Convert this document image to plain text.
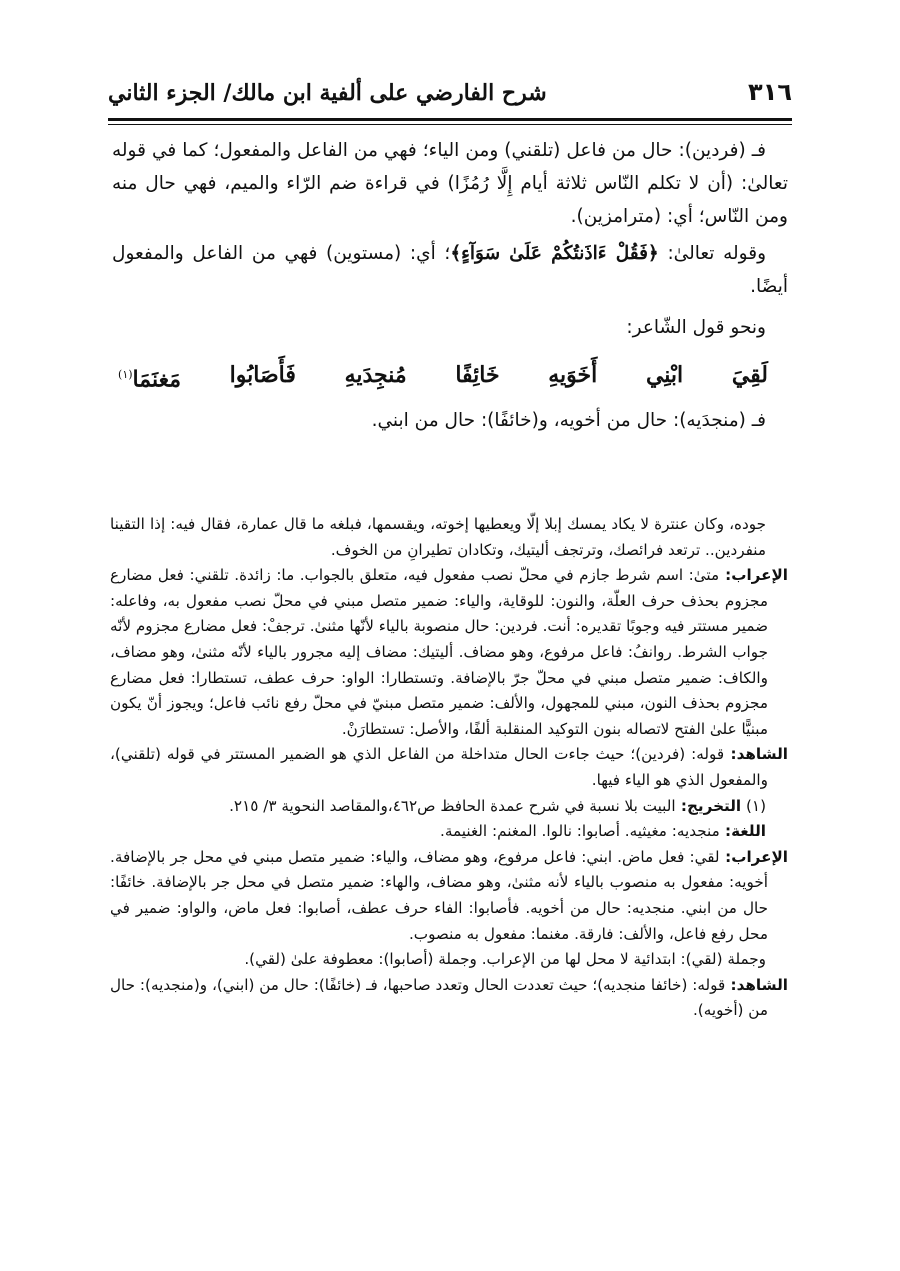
٣١٦
شرح الفارضي على ألفية ابن مالك/ الجزء الثاني

فـ (فردين): حال من فاعل (تلقني) ومن الياء؛ فهي من الفاعل والمفعول؛ كما في قوله تعالىٰ: (أن لا تكلم النّاس ثلاثة أيام إِلَّا رُمُزًا) في قراءة ضم الرّاء والميم، فهي حال منه ومن النّاس؛ أي: (مترامزين).

وقوله تعالىٰ: ﴿فَقُلْ ءَاذَنتُكُمْ عَلَىٰ سَوَآءٍ﴾؛ أي: (مستوين) فهي من الفاعل والمفعول أيضًا.

ونحو قول الشّاعر:

لَقِيَ
ابْنِي
أَخَوَيهِ
خَائِفًا
مُنجِدَيهِ
فَأَصَابُوا
مَغنَمَا$^{(١)}$

فـ (منجدَيه): حال من أخويه، و(خائفًا): حال من ابني.

جوده، وكان عنترة لا يكاد يمسك إبلا إلّا ويعطيها إخوته، ويقسمها، فبلغه ما قال عمارة، فقال فيه: إذا التقينا منفردين.. ترتعد فرائصك، وترتجف أليتيك، وتكادان تطيرانِ من الخوف.

الإعراب: متىٰ: اسم شرط جازم في محلّ نصب مفعول فيه، متعلق بالجواب. ما: زائدة. تلقني: فعل مضارع مجزوم بحذف حرف العلّة، والنون: للوقاية، والياء: ضمير متصل مبني في محلّ نصب مفعول به، وفاعله: ضمير مستتر فيه وجوبًا تقديره: أنت. فردين: حال منصوبة بالياء لأنّها مثنىٰ. ترجفْ: فعل مضارع مجزوم لأنّه جواب الشرط. روانفُ: فاعل مرفوع، وهو مضاف. أليتيك: مضاف إليه مجرور بالياء لأنّه مثنىٰ، وهو مضاف، والكاف: ضمير متصل مبني في محلّ جرّ بالإضافة. وتستطارا: الواو: حرف عطف، تستطارا: فعل مضارع مجزوم بحذف النون، مبني للمجهول، والألف: ضمير متصل مبنيّ في محلّ رفع نائب فاعل؛ ويجوز أنّ يكون مبنيًّا علىٰ الفتح لاتصاله بنون التوكيد المنقلبة ألفًا، والأصل: تستطارَنْ.

الشاهد: قوله: (فردين)؛ حيث جاءت الحال متداخلة من الفاعل الذي هو الضمير المستتر في قوله (تلقني)، والمفعول الذي هو الياء فيها.

(١) التخريج: البيت بلا نسبة في شرح عمدة الحافظ ص٤٦٢،والمقاصد النحوية ٣/ ٢١٥.

اللغة: منجديه: مغيثيه. أصابوا: نالوا. المغنم: الغنيمة.

الإعراب: لقي: فعل ماض. ابني: فاعل مرفوع، وهو مضاف، والياء: ضمير متصل مبني في محل جر بالإضافة. أخويه: مفعول به منصوب بالياء لأنه مثنىٰ، وهو مضاف، والهاء: ضمير متصل في محل جر بالإضافة. خائفًا: حال من ابني. منجديه: حال من أخويه. فأصابوا: الفاء حرف عطف، أصابوا: فعل ماض، والواو: ضمير في محل رفع فاعل، والألف: فارقة. مغنما: مفعول به منصوب.

وجملة (لقي): ابتدائية لا محل لها من الإعراب. وجملة (أصابوا): معطوفة علىٰ (لقي).

الشاهد: قوله: (خائفا منجديه)؛ حيث تعددت الحال وتعدد صاحبها، فـ (خائفًا): حال من (ابني)، و(منجديه): حال من (أخويه).
